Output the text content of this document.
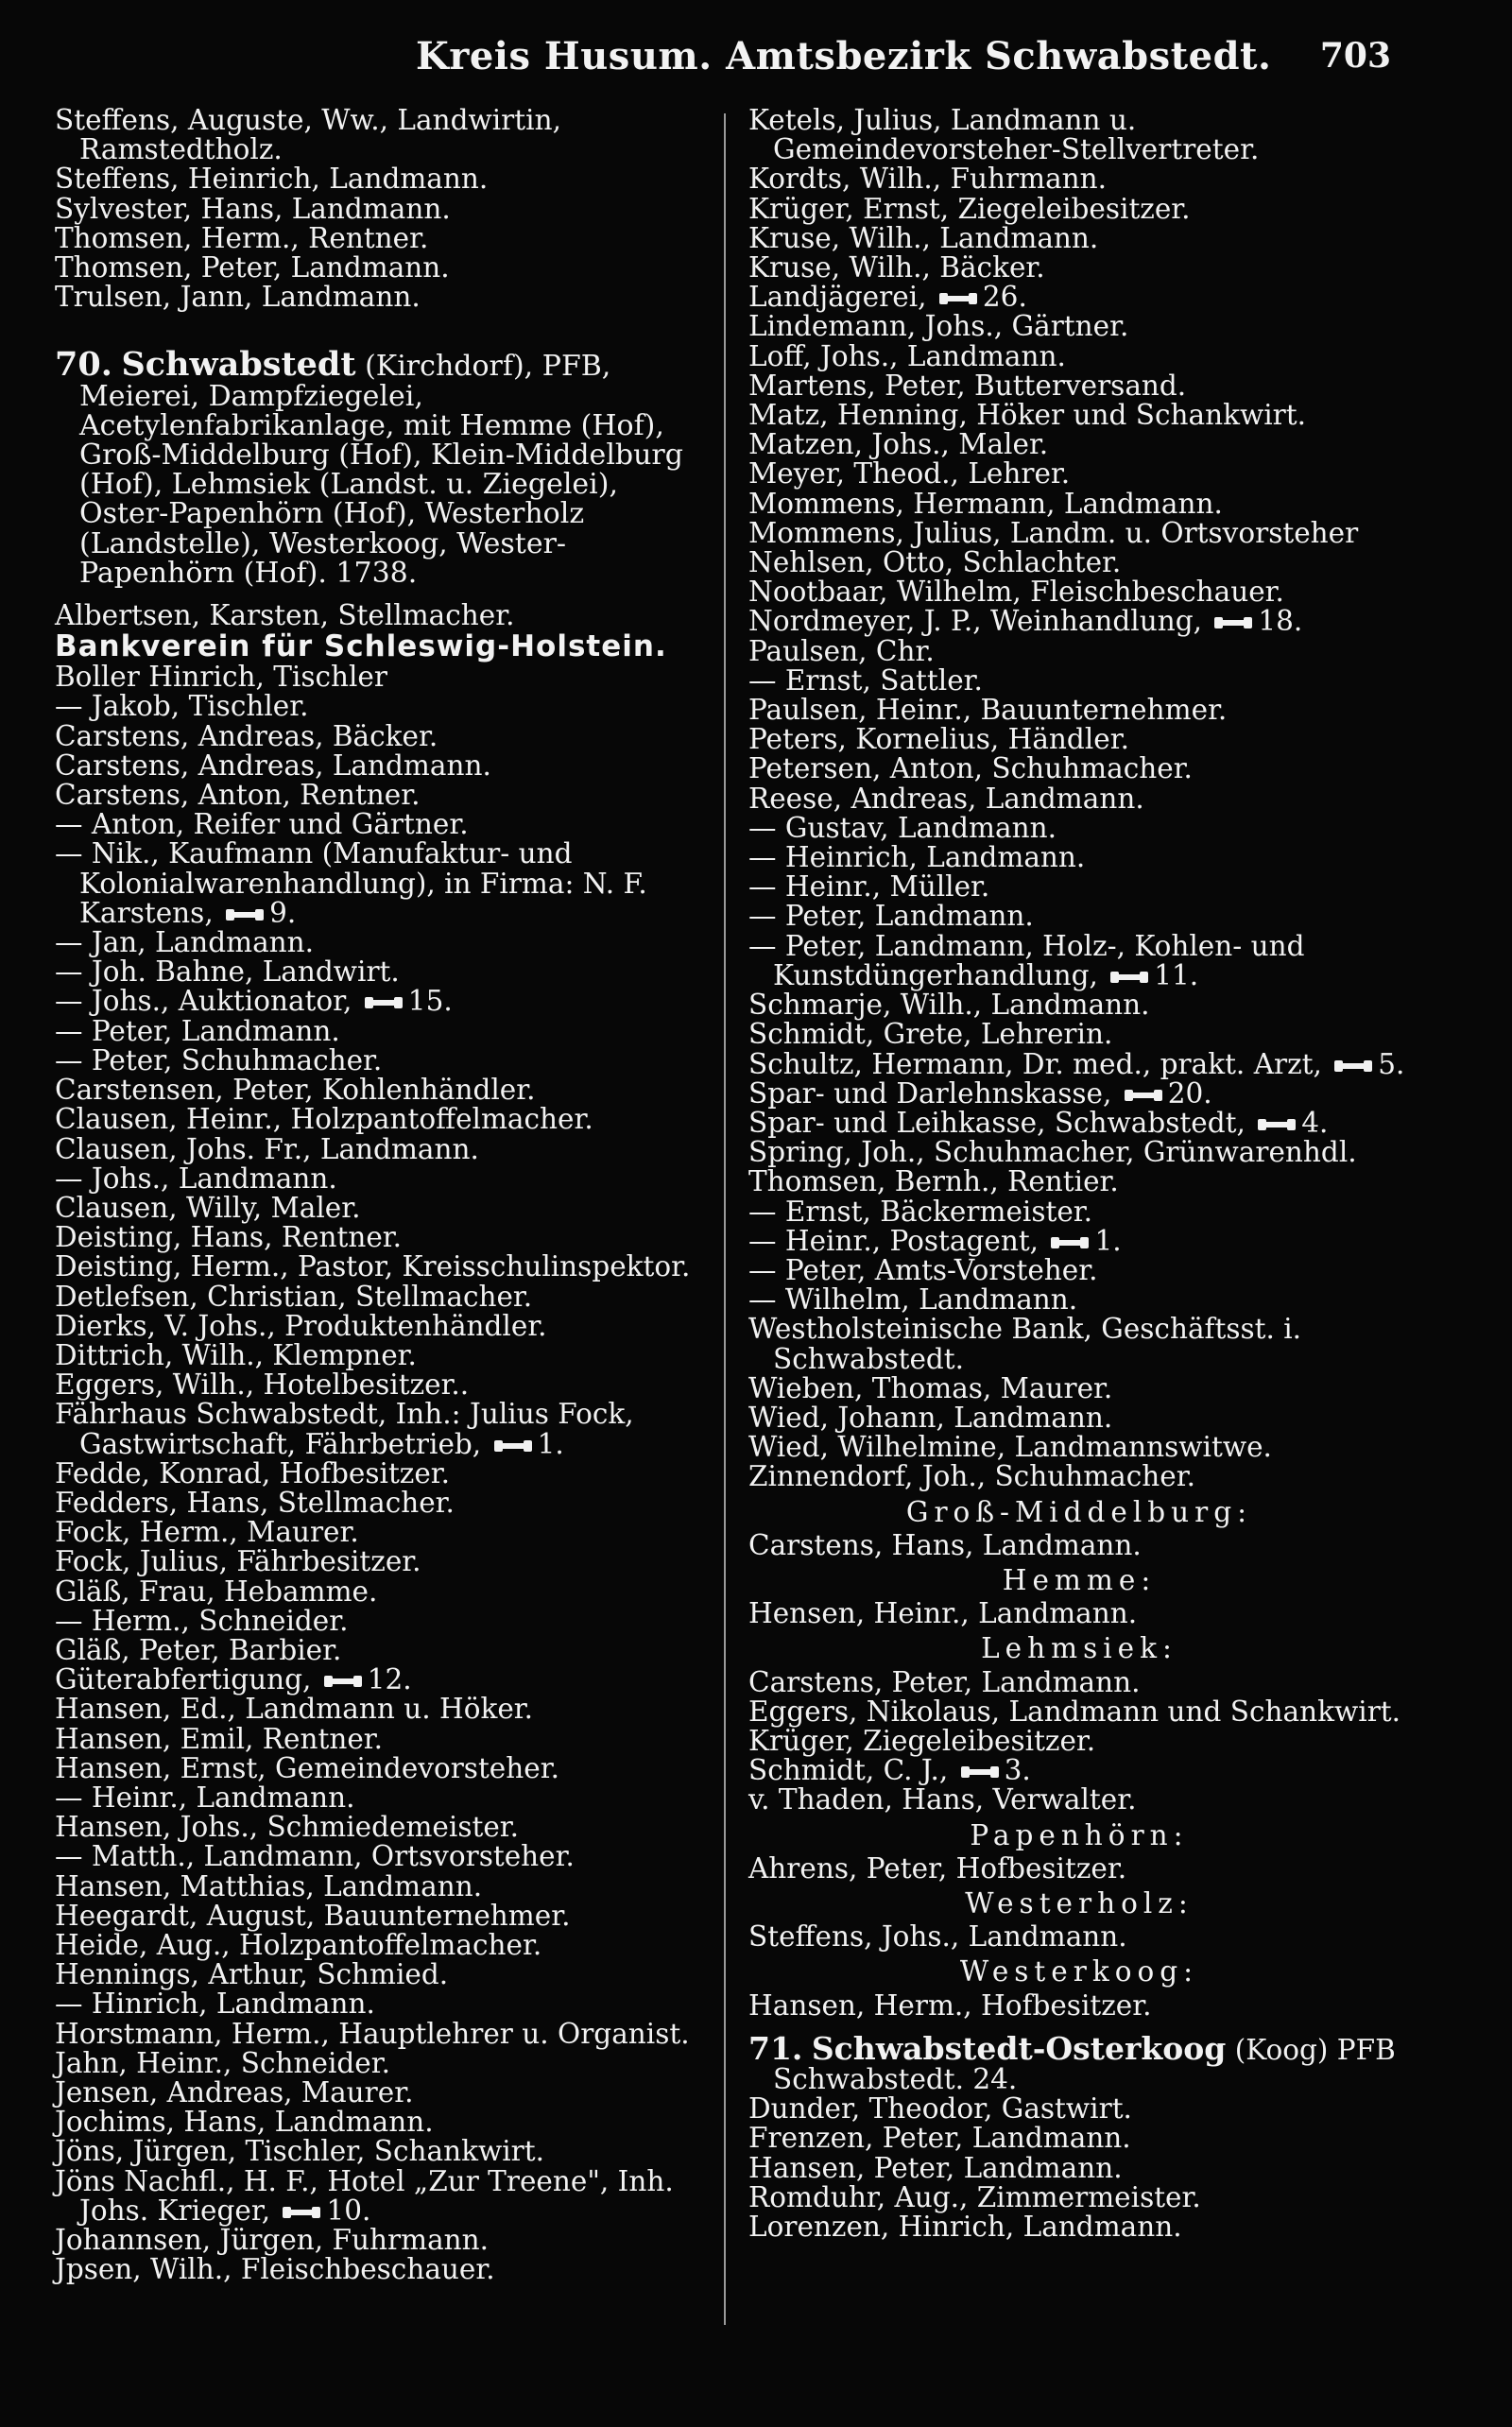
Kreis Husum. Amtsbezirk Schwabstedt. 703
Steffens, Auguste, Ww., Landwirtin, Ramstedtholz.
Steffens, Heinrich, Landmann.
Sylvester, Hans, Landmann.
Thomsen, Herm., Rentner.
Thomsen, Peter, Landmann.
Trulsen, Jann, Landmann.
70. Schwabstedt (Kirchdorf), PFB, Meierei, Dampfziegelei, Acetylenfabrikanlage, mit Hemme (Hof), Groß-Middelburg (Hof), Klein-Middelburg (Hof), Lehmsiek (Landst. u. Ziegelei), Oster-Papenhörn (Hof), Westerholz (Landstelle), Westerkoog, Wester-Papenhörn (Hof). 1738.
Albertsen, Karsten, Stellmacher.
Bankverein für Schleswig-Holstein.
Boller Hinrich, Tischler
— Jakob, Tischler.
Carstens, Andreas, Bäcker.
Carstens, Andreas, Landmann.
Carstens, Anton, Rentner.
— Anton, Reifer und Gärtner.
— Nik., Kaufmann (Manufaktur- und Kolonialwarenhandlung), in Firma: N. F. Karstens, 9.
— Jan, Landmann.
— Joh. Bahne, Landwirt.
— Johs., Auktionator, 15.
— Peter, Landmann.
— Peter, Schuhmacher.
Carstensen, Peter, Kohlenhändler.
Clausen, Heinr., Holzpantoffelmacher.
Clausen, Johs. Fr., Landmann.
— Johs., Landmann.
Clausen, Willy, Maler.
Deisting, Hans, Rentner.
Deisting, Herm., Pastor, Kreisschulinspektor.
Detlefsen, Christian, Stellmacher.
Dierks, V. Johs., Produktenhändler.
Dittrich, Wilh., Klempner.
Eggers, Wilh., Hotelbesitzer..
Fährhaus Schwabstedt, Inh.: Julius Fock, Gastwirtschaft, Fährbetrieb, 1.
Fedde, Konrad, Hofbesitzer.
Fedders, Hans, Stellmacher.
Fock, Herm., Maurer.
Fock, Julius, Fährbesitzer.
Gläß, Frau, Hebamme.
— Herm., Schneider.
Gläß, Peter, Barbier.
Güterabfertigung, 12.
Hansen, Ed., Landmann u. Höker.
Hansen, Emil, Rentner.
Hansen, Ernst, Gemeindevorsteher.
— Heinr., Landmann.
Hansen, Johs., Schmiedemeister.
— Matth., Landmann, Ortsvorsteher.
Hansen, Matthias, Landmann.
Heegardt, August, Bauunternehmer.
Heide, Aug., Holzpantoffelmacher.
Hennings, Arthur, Schmied.
— Hinrich, Landmann.
Horstmann, Herm., Hauptlehrer u. Organist.
Jahn, Heinr., Schneider.
Jensen, Andreas, Maurer.
Jochims, Hans, Landmann.
Jöns, Jürgen, Tischler, Schankwirt.
Jöns Nachfl., H. F., Hotel „Zur Treene", Inh. Johs. Krieger, 10.
Johannsen, Jürgen, Fuhrmann.
Jpsen, Wilh., Fleischbeschauer.
Ketels, Julius, Landmann u. Gemeindevorsteher-Stellvertreter.
Kordts, Wilh., Fuhrmann.
Krüger, Ernst, Ziegeleibesitzer.
Kruse, Wilh., Landmann.
Kruse, Wilh., Bäcker.
Landjägerei, 26.
Lindemann, Johs., Gärtner.
Loff, Johs., Landmann.
Martens, Peter, Butterversand.
Matz, Henning, Höker und Schankwirt.
Matzen, Johs., Maler.
Meyer, Theod., Lehrer.
Mommens, Hermann, Landmann.
Mommens, Julius, Landm. u. Ortsvorsteher
Nehlsen, Otto, Schlachter.
Nootbaar, Wilhelm, Fleischbeschauer.
Nordmeyer, J. P., Weinhandlung, 18.
Paulsen, Chr.
— Ernst, Sattler.
Paulsen, Heinr., Bauunternehmer.
Peters, Kornelius, Händler.
Petersen, Anton, Schuhmacher.
Reese, Andreas, Landmann.
— Gustav, Landmann.
— Heinrich, Landmann.
— Heinr., Müller.
— Peter, Landmann.
— Peter, Landmann, Holz-, Kohlen- und Kunstdüngerhandlung, 11.
Schmarje, Wilh., Landmann.
Schmidt, Grete, Lehrerin.
Schultz, Hermann, Dr. med., prakt. Arzt, 5.
Spar- und Darlehnskasse, 20.
Spar- und Leihkasse, Schwabstedt, 4.
Spring, Joh., Schuhmacher, Grünwarenhdl.
Thomsen, Bernh., Rentier.
— Ernst, Bäckermeister.
— Heinr., Postagent, 1.
— Peter, Amts-Vorsteher.
— Wilhelm, Landmann.
Westholsteinische Bank, Geschäftsst. i. Schwabstedt.
Wieben, Thomas, Maurer.
Wied, Johann, Landmann.
Wied, Wilhelmine, Landmannswitwe.
Zinnendorf, Joh., Schuhmacher.
Groß-Middelburg:
Carstens, Hans, Landmann.
Hemme:
Hensen, Heinr., Landmann.
Lehmsiek:
Carstens, Peter, Landmann.
Eggers, Nikolaus, Landmann und Schankwirt.
Krüger, Ziegeleibesitzer.
Schmidt, C. J., 3.
v. Thaden, Hans, Verwalter.
Papenhörn:
Ahrens, Peter, Hofbesitzer.
Westerholz:
Steffens, Johs., Landmann.
Westerkoog:
Hansen, Herm., Hofbesitzer.
71. Schwabstedt-Osterkoog (Koog) PFB Schwabstedt. 24.
Dunder, Theodor, Gastwirt.
Frenzen, Peter, Landmann.
Hansen, Peter, Landmann.
Romduhr, Aug., Zimmermeister.
Lorenzen, Hinrich, Landmann.
